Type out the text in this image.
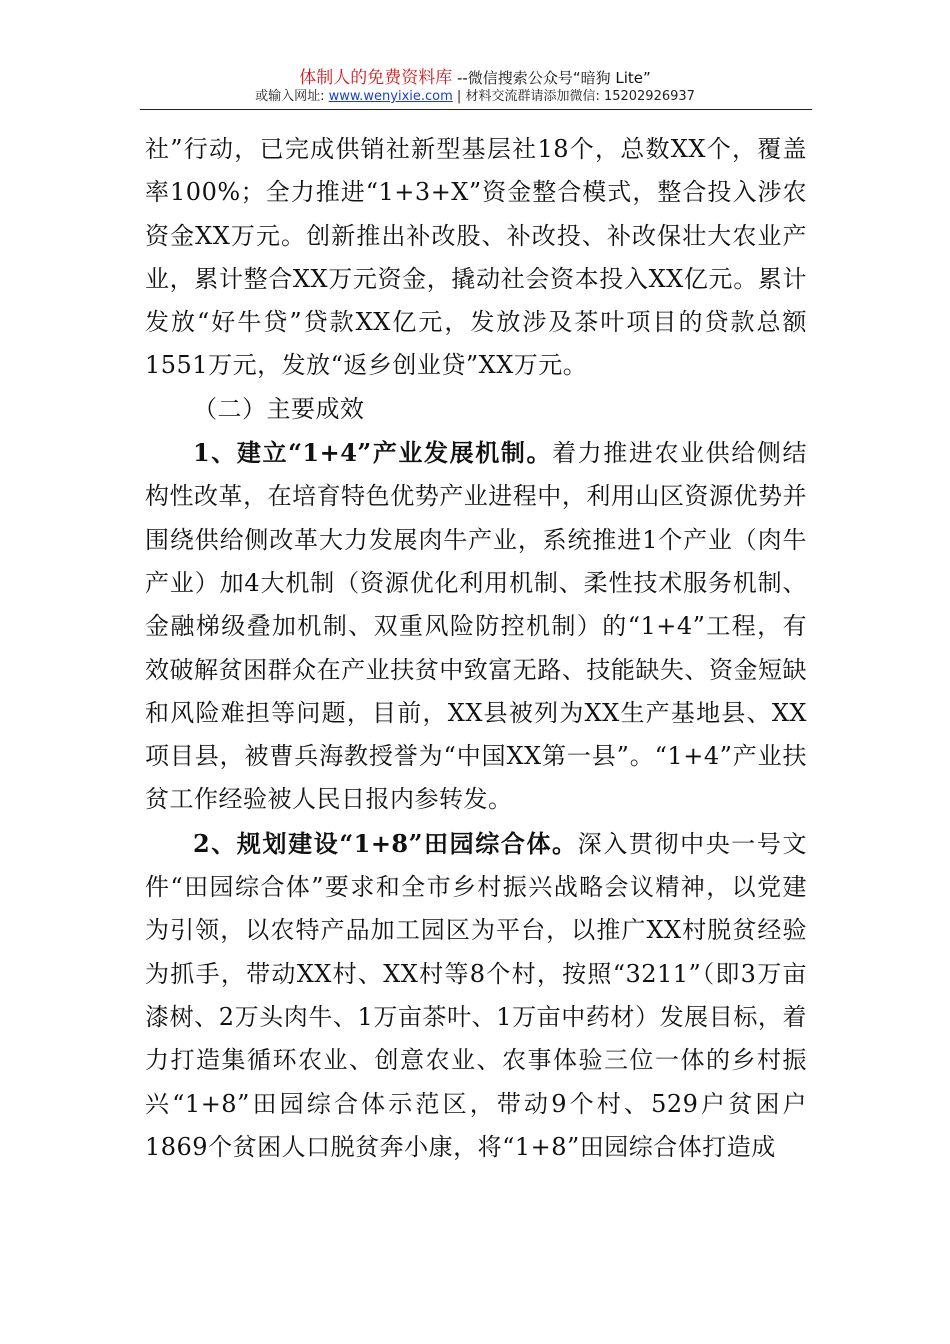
体制人的免费资料库 --微信搜索公众号“暗狗 Lite”
或输入网址: www.wenyixie.com | 材料交流群请添加微信: 15202926937

社”行动，已完成供销社新型基层社18个，总数XX个，覆盖率100%；全力推进“1+3+X”资金整合模式，整合投入涉农资金XX万元。创新推出补改股、补改投、补改保壮大农业产业，累计整合XX万元资金，撬动社会资本投入XX亿元。累计发放“好牛贷”贷款XX亿元，发放涉及茶叶项目的贷款总额1551万元，发放“返乡创业贷”XX万元。

（二）主要成效

1、建立“1+4”产业发展机制。着力推进农业供给侧结构性改革，在培育特色优势产业进程中，利用山区资源优势并围绕供给侧改革大力发展肉牛产业，系统推进1个产业（肉牛产业）加4大机制（资源优化利用机制、柔性技术服务机制、金融梯级叠加机制、双重风险防控机制）的“1+4”工程，有效破解贫困群众在产业扶贫中致富无路、技能缺失、资金短缺和风险难担等问题，目前，XX县被列为XX生产基地县、XX项目县，被曹兵海教授誉为“中国XX第一县”。“1+4”产业扶贫工作经验被人民日报内参转发。

2、规划建设“1+8”田园综合体。深入贯彻中央一号文件“田园综合体”要求和全市乡村振兴战略会议精神，以党建为引领，以农特产品加工园区为平台，以推广XX村脱贫经验为抓手，带动XX村、XX村等8个村，按照“3211”（即3万亩漆树、2万头肉牛、1万亩茶叶、1万亩中药材）发展目标，着力打造集循环农业、创意农业、农事体验三位一体的乡村振兴“1+8”田园综合体示范区，带动9个村、529户贫困户1869个贫困人口脱贫奔小康，将“1+8”田园综合体打造成
